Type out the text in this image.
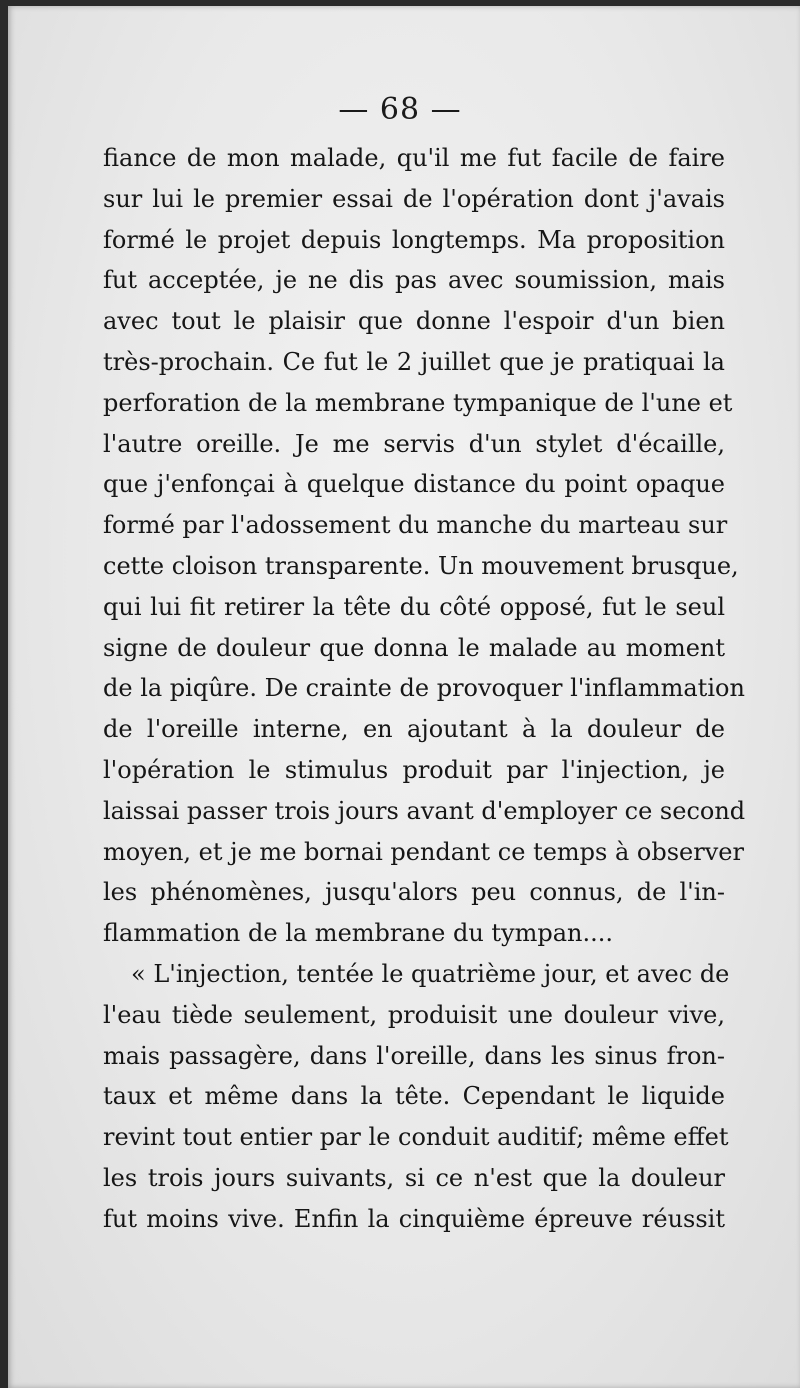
— 68 —
fiance de mon malade, qu'il me fut facile de faire
sur lui le premier essai de l'opération dont j'avais
formé le projet depuis longtemps. Ma proposition
fut acceptée, je ne dis pas avec soumission, mais
avec tout le plaisir que donne l'espoir d'un bien
très-prochain. Ce fut le 2 juillet que je pratiquai la
perforation de la membrane tympanique de l'une et
l'autre oreille. Je me servis d'un stylet d'écaille,
que j'enfonçai à quelque distance du point opaque
formé par l'adossement du manche du marteau sur
cette cloison transparente. Un mouvement brusque,
qui lui fit retirer la tête du côté opposé, fut le seul
signe de douleur que donna le malade au moment
de la piqûre. De crainte de provoquer l'inflammation
de l'oreille interne, en ajoutant à la douleur de
l'opération le stimulus produit par l'injection, je
laissai passer trois jours avant d'employer ce second
moyen, et je me bornai pendant ce temps à observer
les phénomènes, jusqu'alors peu connus, de l'in-
flammation de la membrane du tympan....
« L'injection, tentée le quatrième jour, et avec de
l'eau tiède seulement, produisit une douleur vive,
mais passagère, dans l'oreille, dans les sinus fron-
taux et même dans la tête. Cependant le liquide
revint tout entier par le conduit auditif; même effet
les trois jours suivants, si ce n'est que la douleur
fut moins vive. Enfin la cinquième épreuve réussit
